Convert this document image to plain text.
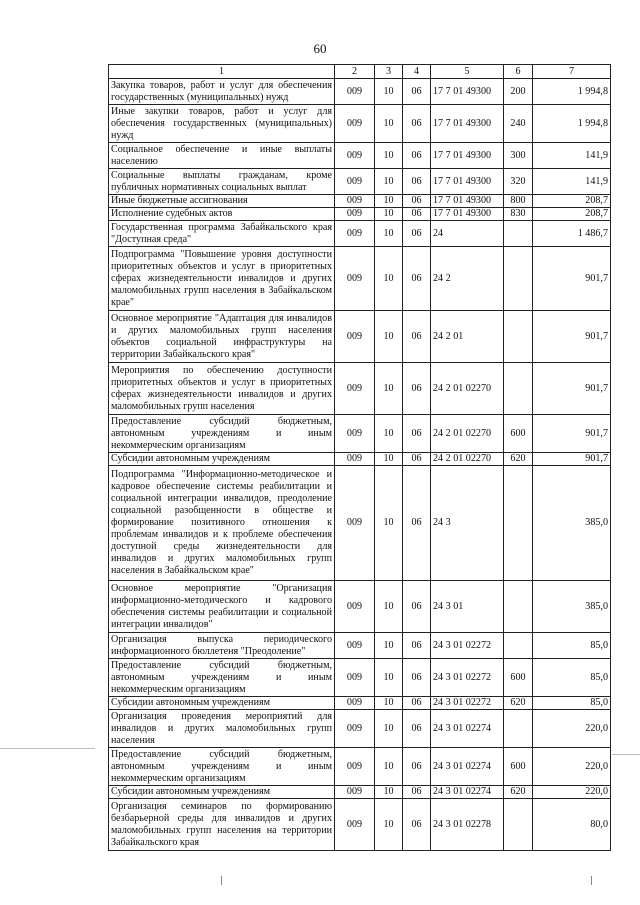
60
1	2	3	4	5	6	7
Закупка товаров, работ и услуг для обеспечения государственных (муниципальных) нужд	009	10	06	17 7 01 49300	200	1 994,8
Иные закупки товаров, работ и услуг для обеспечения государственных (муниципальных) нужд	009	10	06	17 7 01 49300	240	1 994,8
Социальное обеспечение и иные выплаты населению	009	10	06	17 7 01 49300	300	141,9
Социальные выплаты гражданам, кроме публичных нормативных социальных выплат	009	10	06	17 7 01 49300	320	141,9
Иные бюджетные ассигнования	009	10	06	17 7 01 49300	800	208,7
Исполнение судебных актов	009	10	06	17 7 01 49300	830	208,7
Государственная программа Забайкальского края "Доступная среда"	009	10	06	24		1 486,7
Подпрограмма "Повышение уровня доступности приоритетных объектов и услуг в приоритетных сферах жизнедеятельности инвалидов и других маломобильных групп населения в Забайкальском крае"	009	10	06	24 2		901,7
Основное мероприятие "Адаптация для инвалидов и других маломобильных групп населения объектов социальной инфраструктуры на территории Забайкальского края"	009	10	06	24 2 01		901,7
Мероприятия по обеспечению доступности приоритетных объектов и услуг в приоритетных сферах жизнедеятельности инвалидов и других маломобильных групп населения	009	10	06	24 2 01 02270		901,7
Предоставление субсидий бюджетным, автономным учреждениям и иным некоммерческим организациям	009	10	06	24 2 01 02270	600	901,7
Субсидии автономным учреждениям	009	10	06	24 2 01 02270	620	901,7
Подпрограмма "Информационно-методическое и кадровое обеспечение системы реабилитации и социальной интеграции инвалидов, преодоление социальной разобщенности в обществе и формирование позитивного отношения к проблемам инвалидов и к проблеме обеспечения доступной среды жизнедеятельности для инвалидов и других маломобильных групп населения в Забайкальском крае"	009	10	06	24 3		385,0
Основное мероприятие "Организация информационно-методического и кадрового обеспечения системы реабилитации и социальной интеграции инвалидов"	009	10	06	24 3 01		385,0
Организация выпуска периодического информационного бюллетеня "Преодоление"	009	10	06	24 3 01 02272		85,0
Предоставление субсидий бюджетным, автономным учреждениям и иным некоммерческим организациям	009	10	06	24 3 01 02272	600	85,0
Субсидии автономным учреждениям	009	10	06	24 3 01 02272	620	85,0
Организация проведения мероприятий для инвалидов и других маломобильных групп населения	009	10	06	24 3 01 02274		220,0
Предоставление субсидий бюджетным, автономным учреждениям и иным некоммерческим организациям	009	10	06	24 3 01 02274	600	220,0
Субсидии автономным учреждениям	009	10	06	24 3 01 02274	620	220,0
Организация семинаров по формированию безбарьерной среды для инвалидов и других маломобильных групп населения на территории Забайкальского края	009	10	06	24 3 01 02278		80,0
